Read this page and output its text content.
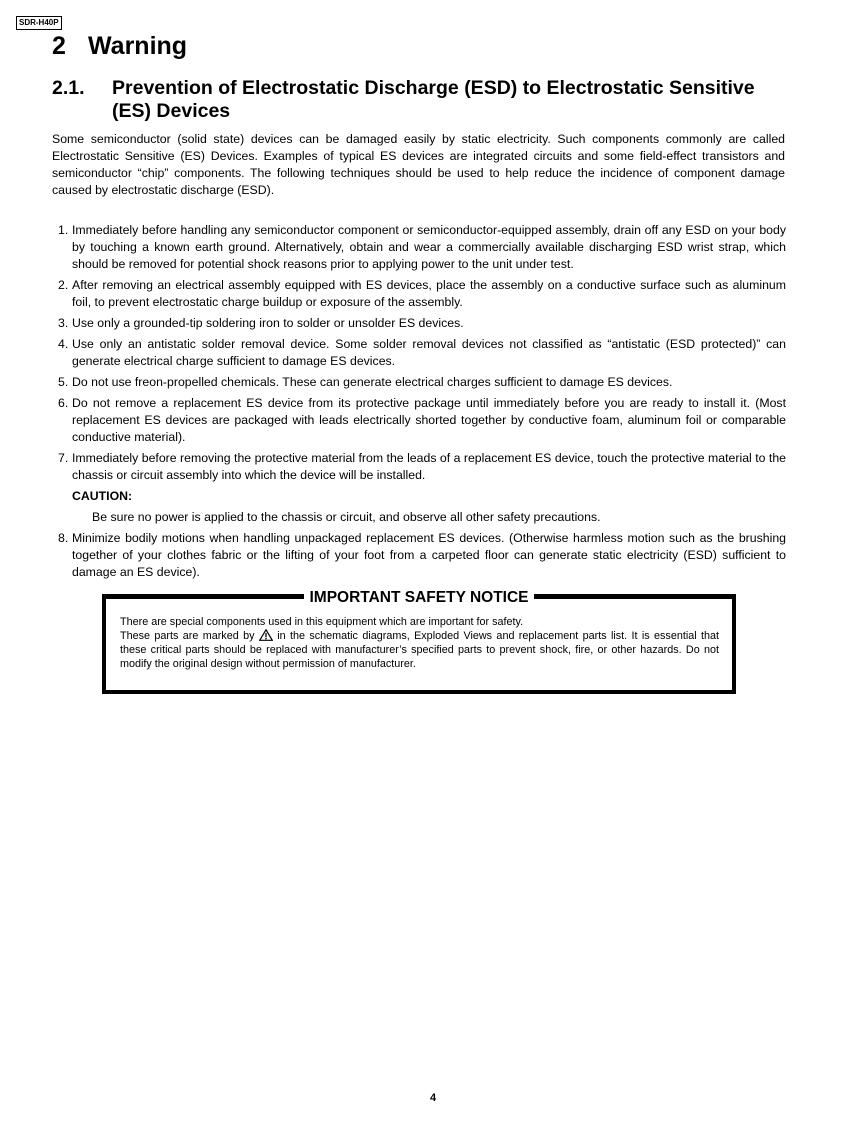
SDR-H40P
2 Warning
2.1. Prevention of Electrostatic Discharge (ESD) to Electrostatic Sensitive (ES) Devices

Some semiconductor (solid state) devices can be damaged easily by static electricity. Such components commonly are called Electrostatic Sensitive (ES) Devices. Examples of typical ES devices are integrated circuits and some field-effect transistors and semiconductor “chip” components. The following techniques should be used to help reduce the incidence of component damage caused by electrostatic discharge (ESD).

1. Immediately before handling any semiconductor component or semiconductor-equipped assembly, drain off any ESD on your body by touching a known earth ground. Alternatively, obtain and wear a commercially available discharging ESD wrist strap, which should be removed for potential shock reasons prior to applying power to the unit under test.
2. After removing an electrical assembly equipped with ES devices, place the assembly on a conductive surface such as aluminum foil, to prevent electrostatic charge buildup or exposure of the assembly.
3. Use only a grounded-tip soldering iron to solder or unsolder ES devices.
4. Use only an antistatic solder removal device. Some solder removal devices not classified as “antistatic (ESD protected)” can generate electrical charge sufficient to damage ES devices.
5. Do not use freon-propelled chemicals. These can generate electrical charges sufficient to damage ES devices.
6. Do not remove a replacement ES device from its protective package until immediately before you are ready to install it. (Most replacement ES devices are packaged with leads electrically shorted together by conductive foam, aluminum foil or comparable conductive material).
7. Immediately before removing the protective material from the leads of a replacement ES device, touch the protective material to the chassis or circuit assembly into which the device will be installed.
CAUTION:
Be sure no power is applied to the chassis or circuit, and observe all other safety precautions.
8. Minimize bodily motions when handling unpackaged replacement ES devices. (Otherwise harmless motion such as the brushing together of your clothes fabric or the lifting of your foot from a carpeted floor can generate static electricity (ESD) sufficient to damage an ES device).
IMPORTANT SAFETY NOTICE
There are special components used in this equipment which are important for safety.
These parts are marked by in the schematic diagrams, Exploded Views and replacement parts list. It is essential that these critical parts should be replaced with manufacturer’s specified parts to prevent shock, fire, or other hazards. Do not modify the original design without permission of manufacturer.
4
